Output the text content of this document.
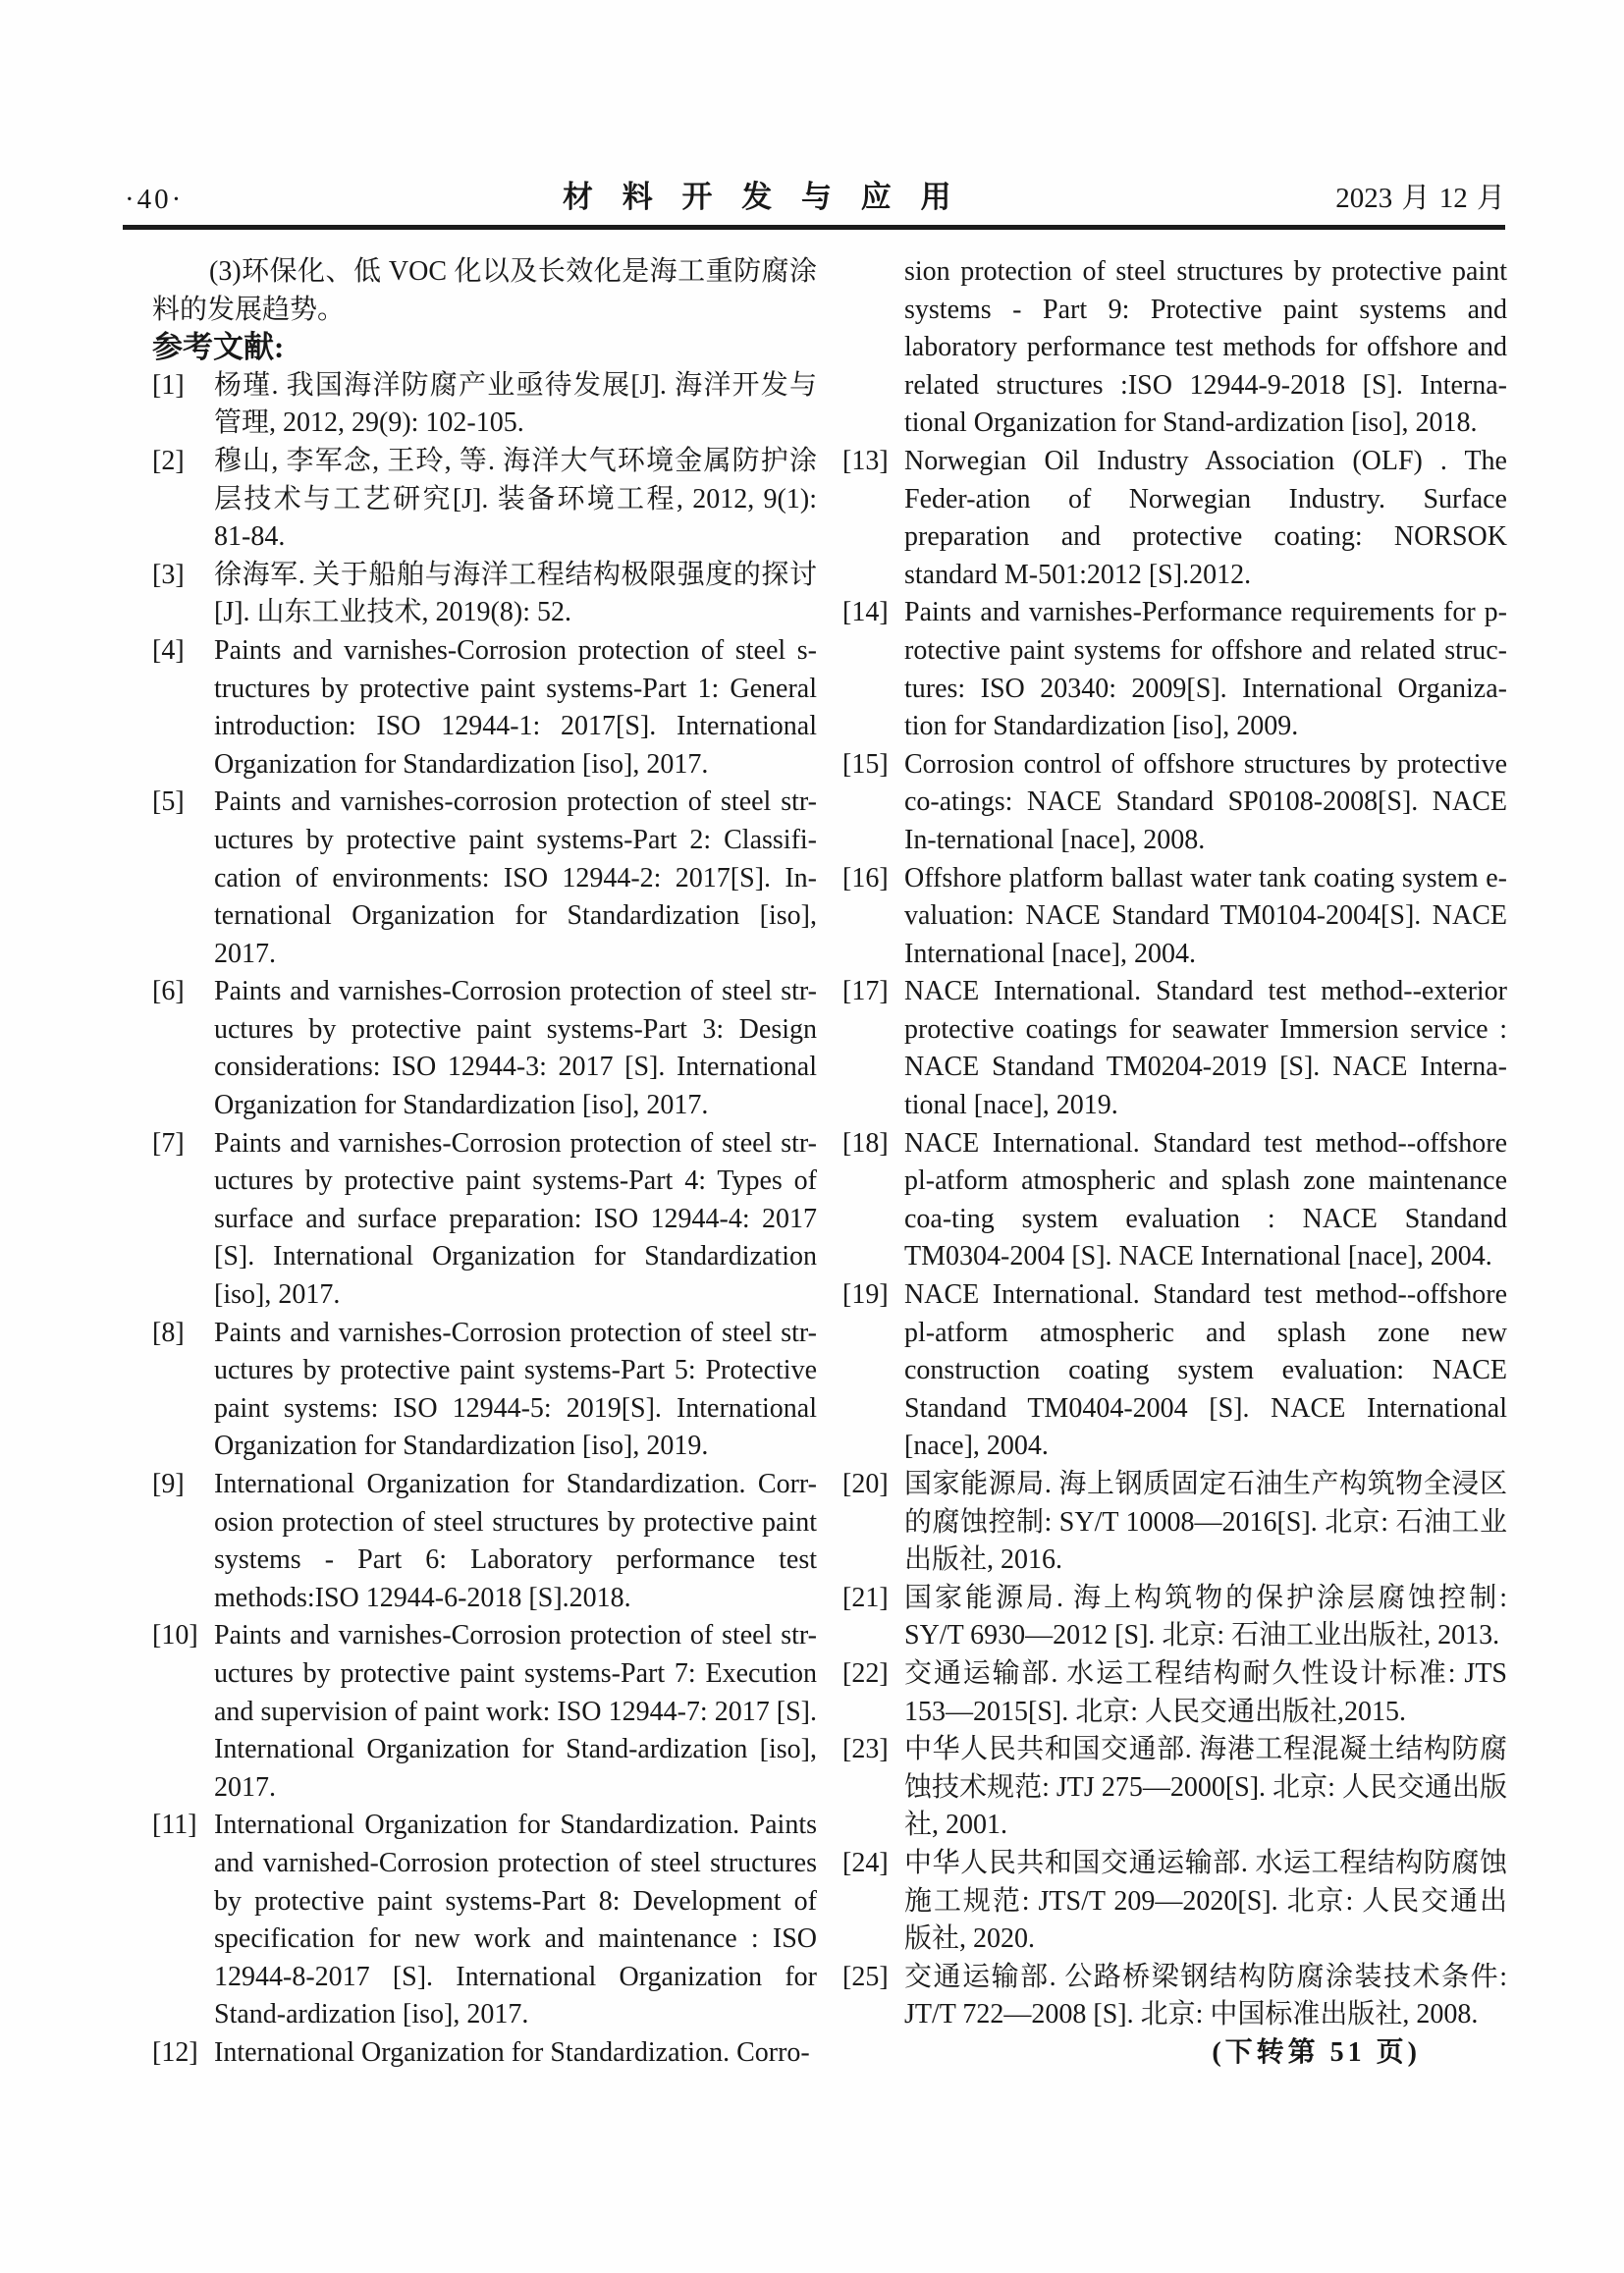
·40·	材 料 开 发 与 应 用	2023 月 12 月

(3)环保化、低 VOC 化以及长效化是海工重防腐涂料的发展趋势。

参考文献:
[1]	杨瑾. 我国海洋防腐产业亟待发展[J]. 海洋开发与管理, 2012, 29(9): 102-105.
[2]	穆山, 李军念, 王玲, 等. 海洋大气环境金属防护涂层技术与工艺研究[J]. 装备环境工程, 2012, 9(1): 81-84.
[3]	徐海军. 关于船舶与海洋工程结构极限强度的探讨[J]. 山东工业技术, 2019(8): 52.
[4]	Paints and varnishes-Corrosion protection of steel s-tructures by protective paint systems-Part 1: General introduction: ISO 12944-1: 2017[S]. International Organization for Standardization [iso], 2017.
[5]	Paints and varnishes-corrosion protection of steel str-uctures by protective paint systems-Part 2: Classifi-cation of environments: ISO 12944-2: 2017[S]. In-ternational Organization for Standardization [iso], 2017.
[6]	Paints and varnishes-Corrosion protection of steel str-uctures by protective paint systems-Part 3: Design considerations: ISO 12944-3: 2017 [S]. International Organization for Standardization [iso], 2017.
[7]	Paints and varnishes-Corrosion protection of steel str-uctures by protective paint systems-Part 4: Types of surface and surface preparation: ISO 12944-4: 2017 [S]. International Organization for Standardization [iso], 2017.
[8]	Paints and varnishes-Corrosion protection of steel str-uctures by protective paint systems-Part 5: Protective paint systems: ISO 12944-5: 2019[S]. International Organization for Standardization [iso], 2019.
[9]	International Organization for Standardization. Corr-osion protection of steel structures by protective paint systems - Part 6: Laboratory performance test methods:ISO 12944-6-2018 [S].2018.
[10] Paints and varnishes-Corrosion protection of steel str-uctures by protective paint systems-Part 7: Execution and supervision of paint work: ISO 12944-7: 2017 [S]. International Organization for Stand-ardization [iso], 2017.
[11] International Organization for Standardization. Paints and varnished-Corrosion protection of steel structures by protective paint systems-Part 8: Development of specification for new work and maintenance : ISO 12944-8-2017 [S]. International Organization for Stand-ardization [iso], 2017.
[12] International Organization for Standardization. Corro-

sion protection of steel structures by protective paint systems - Part 9: Protective paint systems and laboratory performance test methods for offshore and related structures :ISO 12944-9-2018 [S]. Interna-tional Organization for Stand-ardization [iso], 2018.

[13] Norwegian Oil Industry Association (OLF) . The Feder-ation of Norwegian Industry. Surface preparation and protective coating: NORSOK standard M-501:2012 [S].2012.
[14] Paints and varnishes-Performance requirements for p-rotective paint systems for offshore and related struc-tures: ISO 20340: 2009[S]. International Organiza-tion for Standardization [iso], 2009.
[15] Corrosion control of offshore structures by protective co-atings: NACE Standard SP0108-2008[S]. NACE In-ternational [nace], 2008.
[16] Offshore platform ballast water tank coating system e-valuation: NACE Standard TM0104-2004[S]. NACE International [nace], 2004.
[17] NACE International. Standard test method--exterior protective coatings for seawater Immersion service : NACE Standand TM0204-2019 [S]. NACE Interna-tional [nace], 2019.
[18] NACE International. Standard test method--offshore pl-atform atmospheric and splash zone maintenance coa-ting system evaluation : NACE Standand TM0304-2004 [S]. NACE International [nace], 2004.
[19] NACE International. Standard test method--offshore pl-atform atmospheric and splash zone new construction coating system evaluation: NACE Standand TM0404-2004 [S]. NACE International [nace], 2004.
[20] 国家能源局. 海上钢质固定石油生产构筑物全浸区的腐蚀控制: SY/T 10008—2016[S]. 北京: 石油工业出版社, 2016.
[21] 国家能源局. 海上构筑物的保护涂层腐蚀控制: SY/T 6930—2012 [S]. 北京: 石油工业出版社, 2013.
[22] 交通运输部. 水运工程结构耐久性设计标准: JTS 153—2015[S]. 北京: 人民交通出版社,2015.
[23] 中华人民共和国交通部. 海港工程混凝土结构防腐蚀技术规范: JTJ 275—2000[S]. 北京: 人民交通出版社, 2001.
[24] 中华人民共和国交通运输部. 水运工程结构防腐蚀施工规范: JTS/T 209—2020[S]. 北京: 人民交通出版社, 2020.
[25] 交通运输部. 公路桥梁钢结构防腐涂装技术条件: JT/T 722—2008 [S]. 北京: 中国标准出版社, 2008.

(下转第 51 页)
